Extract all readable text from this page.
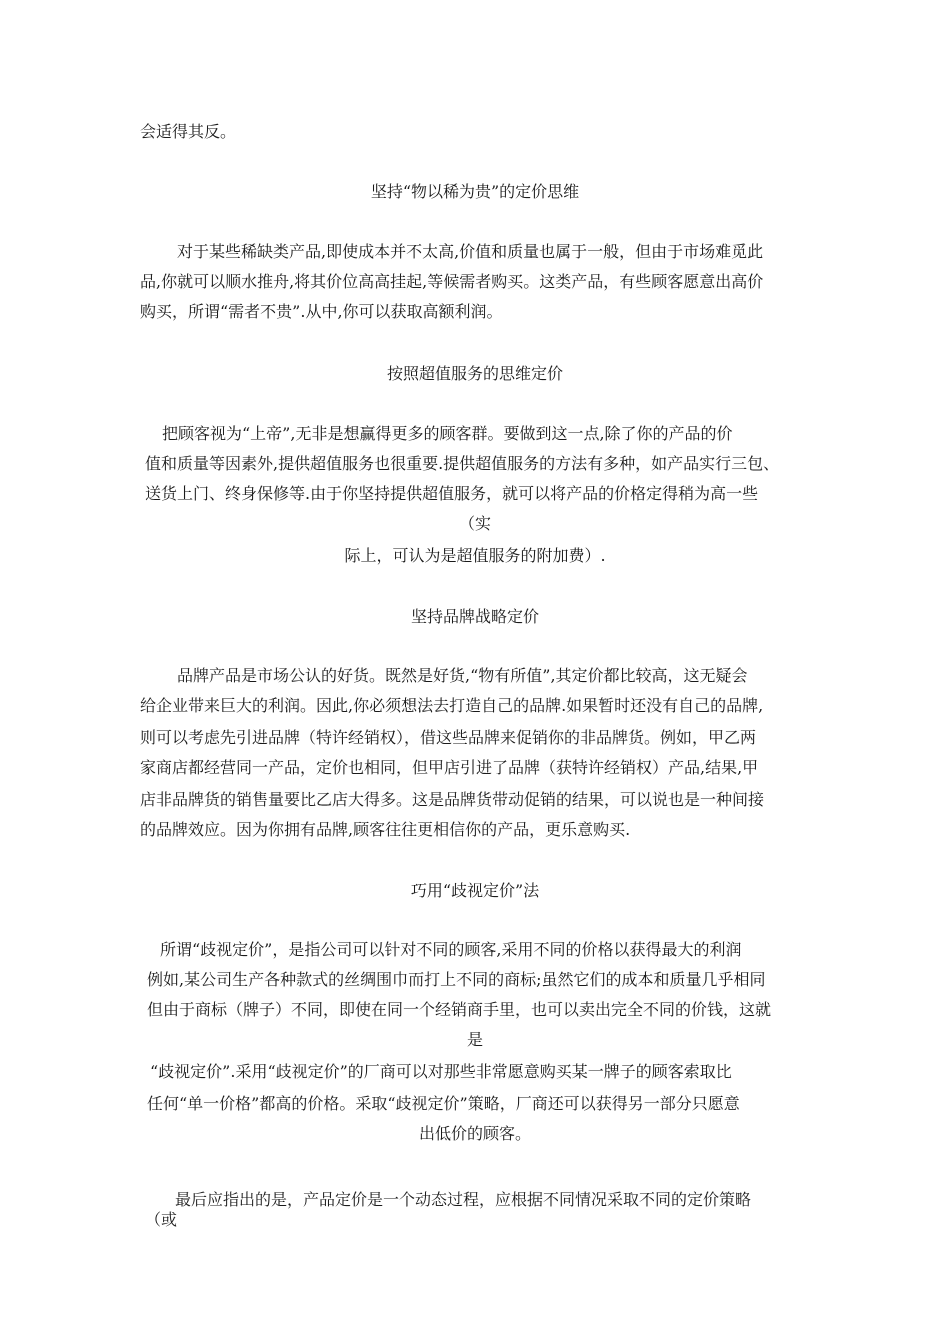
会适得其反。
坚持“物以稀为贵”的定价思维
对于某些稀缺类产品,即使成本并不太高,价值和质量也属于一般，但由于市场难觅此
品,你就可以顺水推舟,将其价位高高挂起,等候需者购买。这类产品，有些顾客愿意出高价
购买，所谓“需者不贵”.从中,你可以获取高额利润。
按照超值服务的思维定价
把顾客视为“上帝”,无非是想赢得更多的顾客群。要做到这一点,除了你的产品的价
值和质量等因素外,提供超值服务也很重要.提供超值服务的方法有多种，如产品实行三包、
送货上门、终身保修等.由于你坚持提供超值服务，就可以将产品的价格定得稍为高一些
（实
际上，可认为是超值服务的附加费）.
坚持品牌战略定价
品牌产品是市场公认的好货。既然是好货,“物有所值”,其定价都比较高，这无疑会
给企业带来巨大的利润。因此,你必须想法去打造自己的品牌.如果暂时还没有自己的品牌,
则可以考虑先引进品牌（特许经销权），借这些品牌来促销你的非品牌货。例如，甲乙两
家商店都经营同一产品，定价也相同，但甲店引进了品牌（获特许经销权）产品,结果,甲
店非品牌货的销售量要比乙店大得多。这是品牌货带动促销的结果，可以说也是一种间接
的品牌效应。因为你拥有品牌,顾客往往更相信你的产品，更乐意购买.
巧用“歧视定价”法
所谓“歧视定价”，是指公司可以针对不同的顾客,采用不同的价格以获得最大的利润
例如,某公司生产各种款式的丝绸围巾而打上不同的商标;虽然它们的成本和质量几乎相同
但由于商标（牌子）不同，即使在同一个经销商手里，也可以卖出完全不同的价钱，这就
是
“歧视定价”.采用“歧视定价”的厂商可以对那些非常愿意购买某一牌子的顾客索取比
任何“单一价格”都高的价格。采取“歧视定价”策略，厂商还可以获得另一部分只愿意
出低价的顾客。
最后应指出的是，产品定价是一个动态过程，应根据不同情况采取不同的定价策略
（或
